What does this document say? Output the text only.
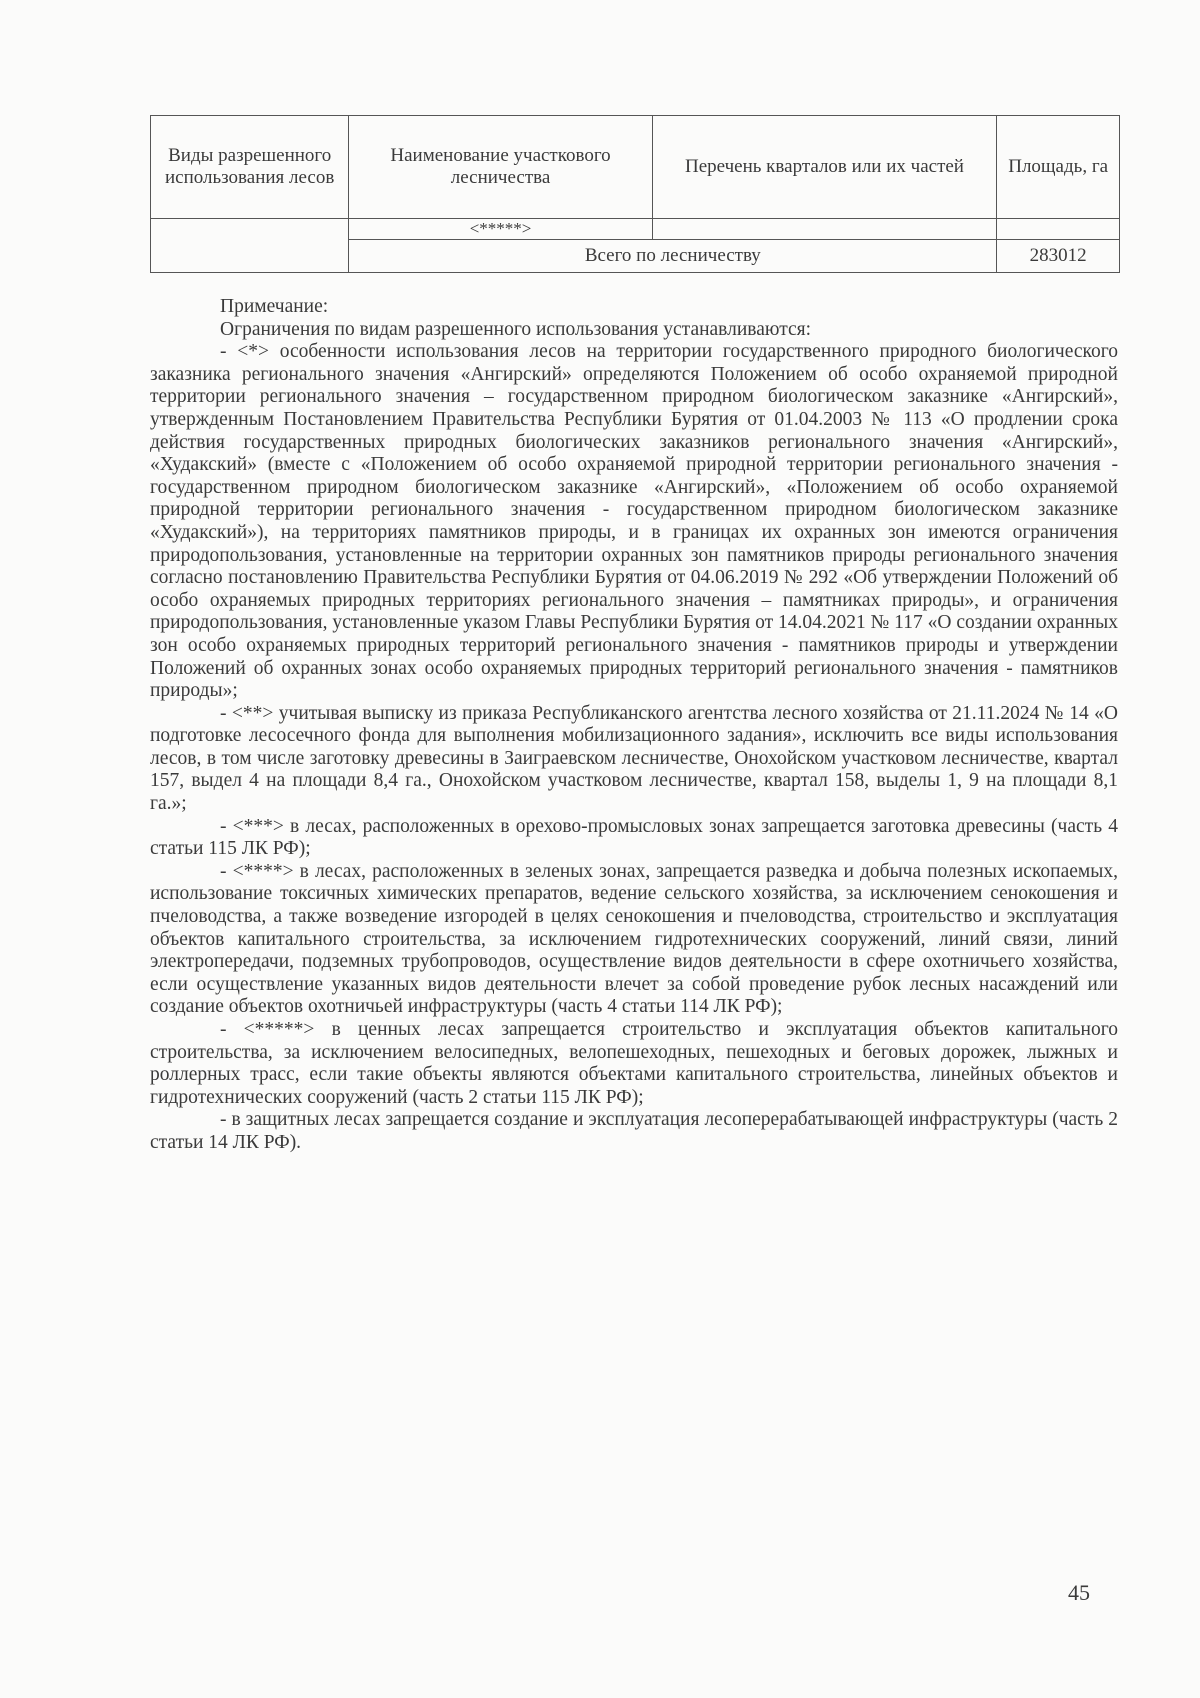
Виды разрешенного использования лесов	Наименование участкового лесничества	Перечень кварталов или их частей	Площадь, га
	<*****>		
	Всего по лесничеству		283012

Примечание:

Ограничения по видам разрешенного использования устанавливаются:

- <*> особенности использования лесов на территории государственного природного биологического заказника регионального значения «Ангирский» определяются Положением об особо охраняемой природной территории регионального значения – государственном природном биологическом заказнике «Ангирский», утвержденным Постановлением Правительства Республики Бурятия от 01.04.2003 № 113 «О продлении срока действия государственных природных биологических заказников регионального значения «Ангирский», «Худакский» (вместе с «Положением об особо охраняемой природной территории регионального значения - государственном природном биологическом заказнике «Ангирский», «Положением об особо охраняемой природной территории регионального значения - государственном природном биологическом заказнике «Худакский»), на территориях памятников природы, и в границах их охранных зон имеются ограничения природопользования, установленные на территории охранных зон памятников природы регионального значения согласно постановлению Правительства Республики Бурятия от 04.06.2019 № 292 «Об утверждении Положений об особо охраняемых природных территориях регионального значения – памятниках природы», и ограничения природопользования, установленные указом Главы Республики Бурятия от 14.04.2021 № 117 «О создании охранных зон особо охраняемых природных территорий регионального значения - памятников природы и утверждении Положений об охранных зонах особо охраняемых природных территорий регионального значения - памятников природы»;

- <**> учитывая выписку из приказа Республиканского агентства лесного хозяйства от 21.11.2024 № 14 «О подготовке лесосечного фонда для выполнения мобилизационного задания», исключить все виды использования лесов, в том числе заготовку древесины в Заиграевском лесничестве, Онохойском участковом лесничестве, квартал 157, выдел 4 на площади 8,4 га., Онохойском участковом лесничестве, квартал 158, выделы 1, 9 на площади 8,1 га.»;

- <***> в лесах, расположенных в орехово-промысловых зонах запрещается заготовка древесины (часть 4 статьи 115 ЛК РФ);

- <****> в лесах, расположенных в зеленых зонах, запрещается разведка и добыча полезных ископаемых, использование токсичных химических препаратов, ведение сельского хозяйства, за исключением сенокошения и пчеловодства, а также возведение изгородей в целях сенокошения и пчеловодства, строительство и эксплуатация объектов капитального строительства, за исключением гидротехнических сооружений, линий связи, линий электропередачи, подземных трубопроводов, осуществление видов деятельности в сфере охотничьего хозяйства, если осуществление указанных видов деятельности влечет за собой проведение рубок лесных насаждений или создание объектов охотничьей инфраструктуры (часть 4 статьи 114 ЛК РФ);

- <*****> в ценных лесах запрещается строительство и эксплуатация объектов капитального строительства, за исключением велосипедных, велопешеходных, пешеходных и беговых дорожек, лыжных и роллерных трасс, если такие объекты являются объектами капитального строительства, линейных объектов и гидротехнических сооружений (часть 2 статьи 115 ЛК РФ);

- в защитных лесах запрещается создание и эксплуатация лесоперерабатывающей инфраструктуры (часть 2 статьи 14 ЛК РФ).

45
